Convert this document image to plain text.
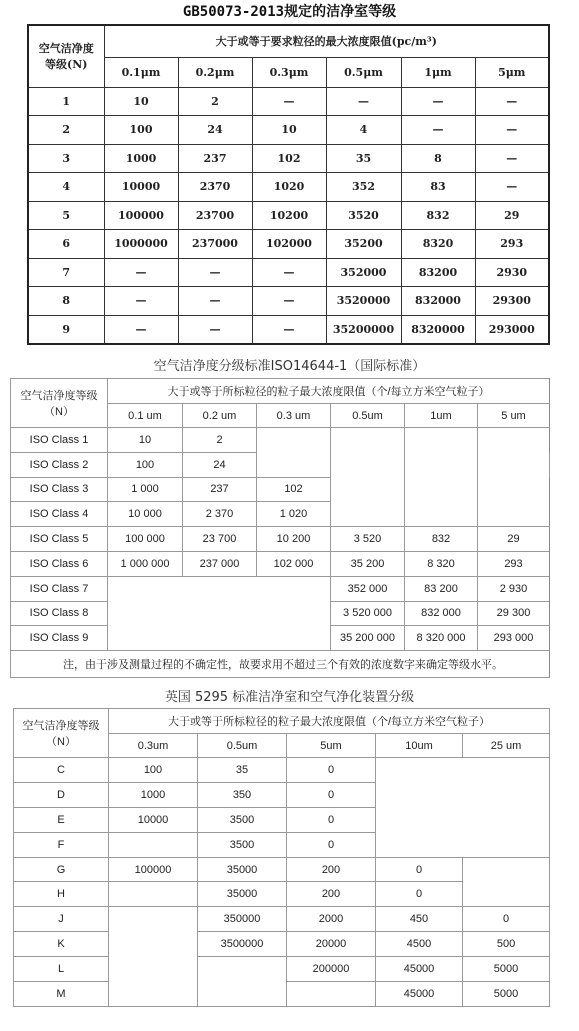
GB50073-2013规定的洁净室等级
空气洁净度
等级(N)	大于或等于要求粒径的最大浓度限值(pc/m³)					
	0.1μm	0.2μm	0.3μm	0.5μm	1μm	5μm
1	10	2	—	—	—	—
2	100	24	10	4	—	—
3	1000	237	102	35	8	—
4	10000	2370	1020	352	83	—
5	100000	23700	10200	3520	832	29
6	1000000	237000	102000	35200	8320	293
7	—	—	—	352000	83200	2930
8	—	—	—	3520000	832000	29300
9	—	—	—	35200000	8320000	293000
空气洁净度分级标准ISO14644-1（国际标准）
空气洁净度等级
（N）	大于或等于所标粒径的粒子最大浓度限值（个/每立方米空气粒子）						
	0.1 um	0.2 um	0.3 um	0.5um	1um	5 um	
ISO Class 1	10	2					
ISO Class 2	100	24	
ISO Class 3	1 000	237	102				
ISO Class 4	10 000	2 370	1 020				
ISO Class 5	100 000	23 700	10 200	3 520	832	29	
ISO Class 6	1 000 000	237 000	102 000	35 200	8 320	293	
ISO Class 7				352 000	83 200	2 930	
ISO Class 8				3 520 000	832 000	29 300	
ISO Class 9				35 200 000	8 320 000	293 000	
注，由于涉及测量过程的不确定性，故要求用不超过三个有效的浓度数字来确定等级水平。							
英国 5295 标准洁净室和空气净化装置分级
空气洁净度等级
（N）	大于或等于所标粒径的粒子最大浓度限值（个/每立方米空气粒子）				
	0.3um	0.5um	5um	10um	25 um
C	100	35	0		
D	1000	350	0		
E	10000	3500	0		
F		3500	0		
G	100000	35000	200	0	
H		35000	200	0	
J		350000	2000	450	0
K		3500000	20000	4500	500
L			200000	45000	5000
M				45000	5000
